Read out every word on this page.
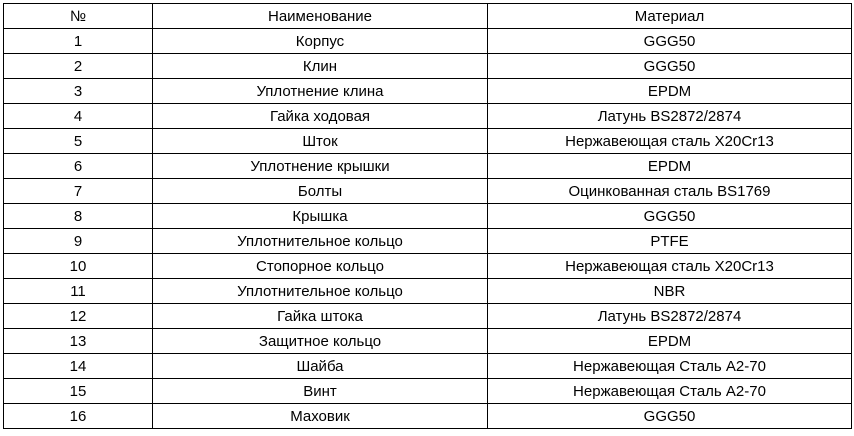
№	Наименование	Материал
1	Корпус	GGG50
2	Клин	GGG50
3	Уплотнение клина	EPDM
4	Гайка ходовая	Латунь BS2872/2874
5	Шток	Нержавеющая сталь X20Cr13
6	Уплотнение крышки	EPDM
7	Болты	Оцинкованная сталь BS1769
8	Крышка	GGG50
9	Уплотнительное кольцо	PTFE
10	Стопорное кольцо	Нержавеющая сталь X20Cr13
11	Уплотнительное кольцо	NBR
12	Гайка штока	Латунь BS2872/2874
13	Защитное кольцо	EPDM
14	Шайба	Нержавеющая Сталь А2-70
15	Винт	Нержавеющая Сталь А2-70
16	Маховик	GGG50
